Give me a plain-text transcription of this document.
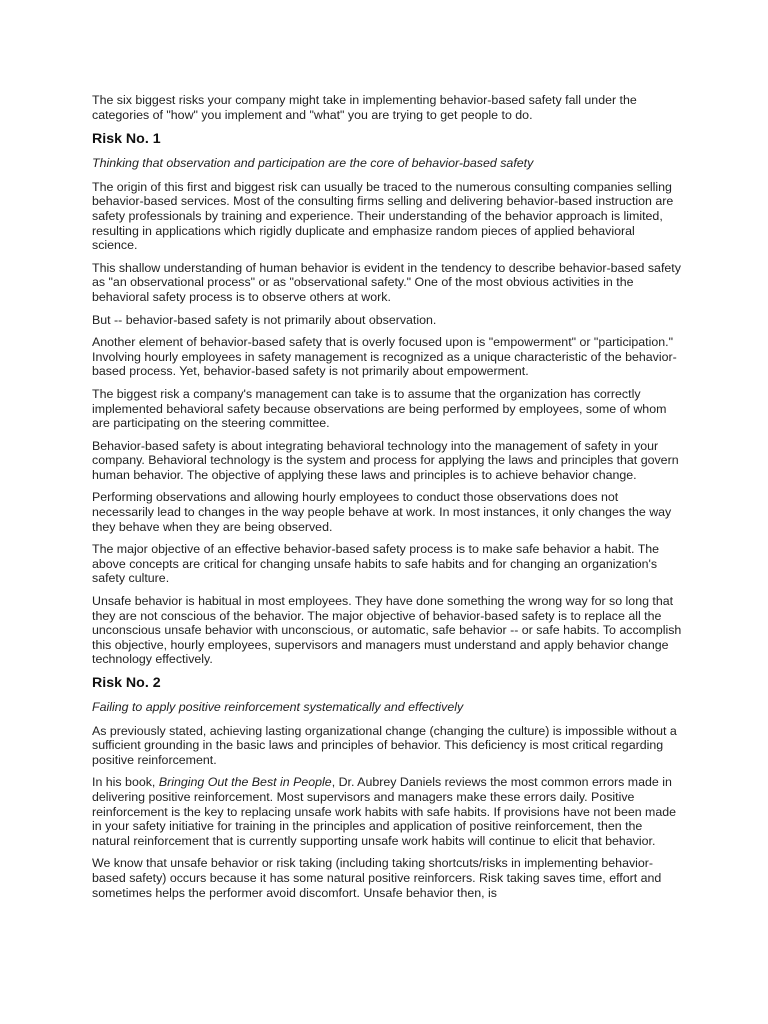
The six biggest risks your company might take in implementing behavior-based safety fall under the categories of "how" you implement and "what" you are trying to get people to do.

Risk No. 1

Thinking that observation and participation are the core of behavior-based safety

The origin of this first and biggest risk can usually be traced to the numerous consulting companies selling behavior-based services. Most of the consulting firms selling and delivering behavior-based instruction are safety professionals by training and experience. Their understanding of the behavior approach is limited, resulting in applications which rigidly duplicate and emphasize random pieces of applied behavioral science.

This shallow understanding of human behavior is evident in the tendency to describe behavior-based safety as "an observational process" or as "observational safety." One of the most obvious activities in the behavioral safety process is to observe others at work.

But -- behavior-based safety is not primarily about observation.

Another element of behavior-based safety that is overly focused upon is "empowerment" or "participation." Involving hourly employees in safety management is recognized as a unique characteristic of the behavior-based process. Yet, behavior-based safety is not primarily about empowerment.

The biggest risk a company's management can take is to assume that the organization has correctly implemented behavioral safety because observations are being performed by employees, some of whom are participating on the steering committee.

Behavior-based safety is about integrating behavioral technology into the management of safety in your company. Behavioral technology is the system and process for applying the laws and principles that govern human behavior. The objective of applying these laws and principles is to achieve behavior change.

Performing observations and allowing hourly employees to conduct those observations does not necessarily lead to changes in the way people behave at work. In most instances, it only changes the way they behave when they are being observed.

The major objective of an effective behavior-based safety process is to make safe behavior a habit. The above concepts are critical for changing unsafe habits to safe habits and for changing an organization's safety culture.

Unsafe behavior is habitual in most employees. They have done something the wrong way for so long that they are not conscious of the behavior. The major objective of behavior-based safety is to replace all the unconscious unsafe behavior with unconscious, or automatic, safe behavior -- or safe habits. To accomplish this objective, hourly employees, supervisors and managers must understand and apply behavior change technology effectively.

Risk No. 2

Failing to apply positive reinforcement systematically and effectively

As previously stated, achieving lasting organizational change (changing the culture) is impossible without a sufficient grounding in the basic laws and principles of behavior. This deficiency is most critical regarding positive reinforcement.

In his book, Bringing Out the Best in People, Dr. Aubrey Daniels reviews the most common errors made in delivering positive reinforcement. Most supervisors and managers make these errors daily. Positive reinforcement is the key to replacing unsafe work habits with safe habits. If provisions have not been made in your safety initiative for training in the principles and application of positive reinforcement, then the natural reinforcement that is currently supporting unsafe work habits will continue to elicit that behavior.

We know that unsafe behavior or risk taking (including taking shortcuts/risks in implementing behavior-based safety) occurs because it has some natural positive reinforcers. Risk taking saves time, effort and sometimes helps the performer avoid discomfort. Unsafe behavior then, is
